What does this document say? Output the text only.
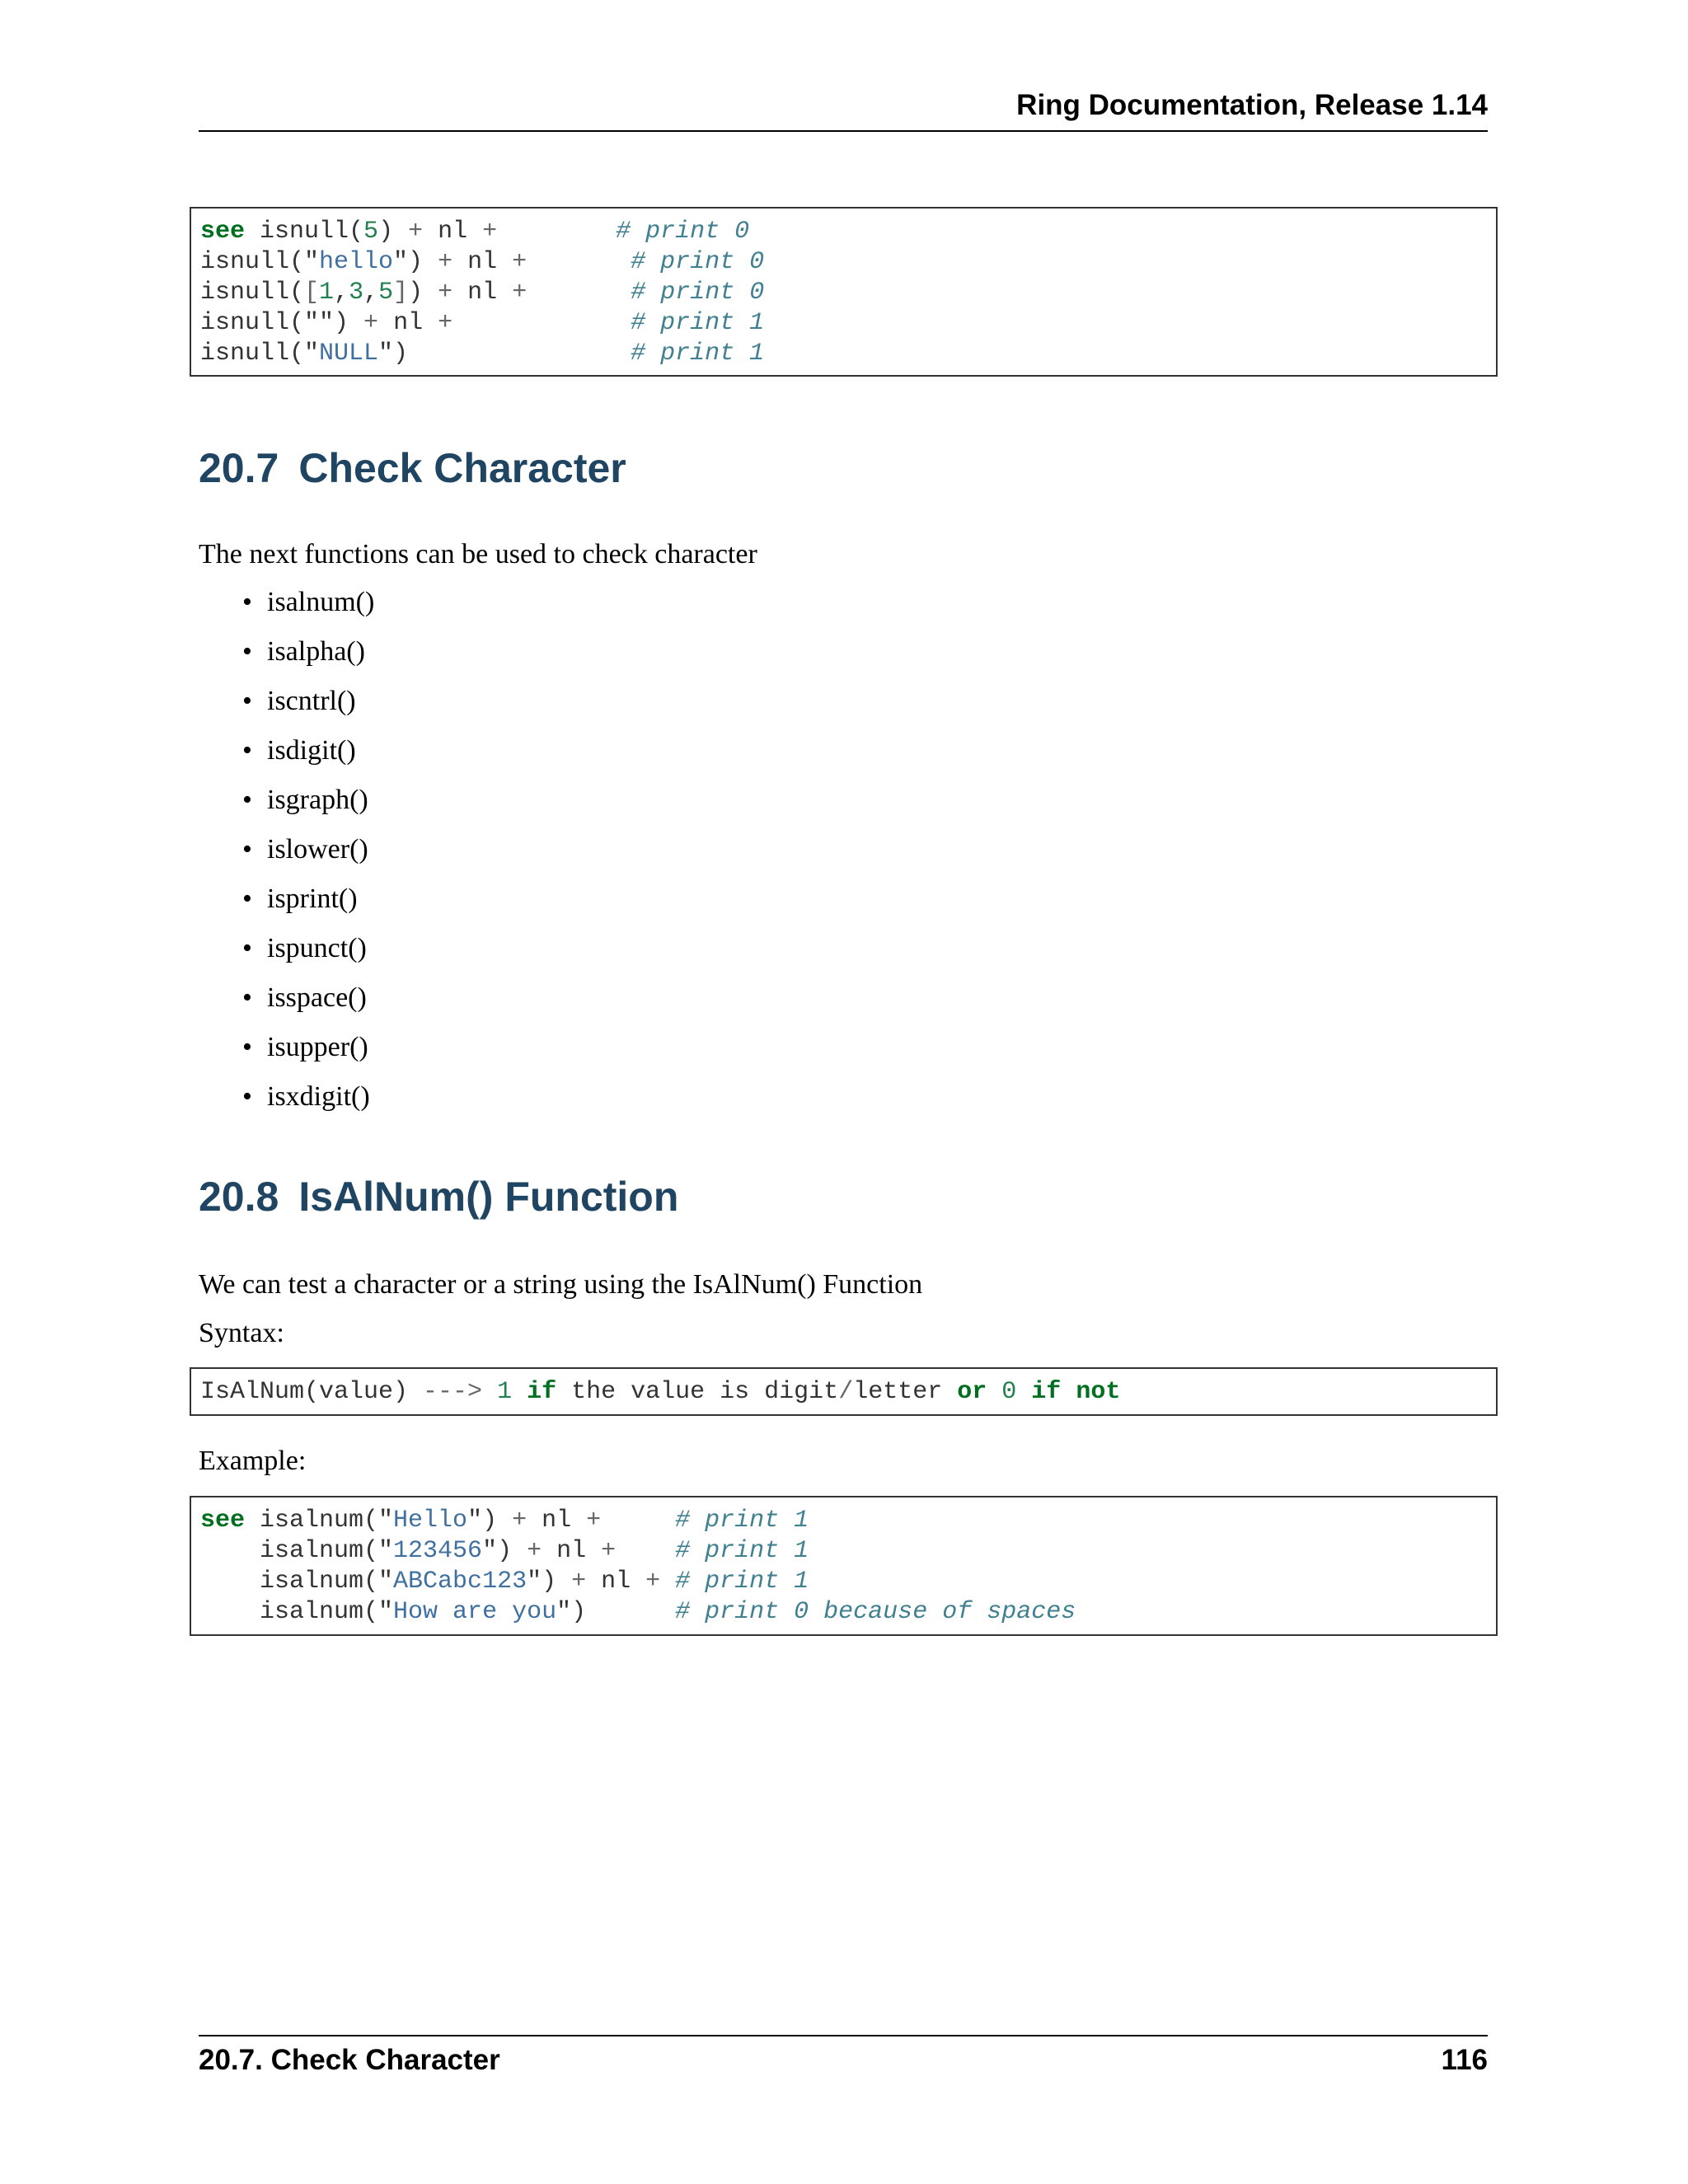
Ring Documentation, Release 1.14
see isnull(5) + nl +	# print 0
isnull("hello") + nl +	# print 0
isnull([1,3,5]) + nl +	# print 0
isnull("") + nl +	# print 1
isnull("NULL")	# print 1
20.7 Check Character

The next functions can be used to check character

• isalnum()
• isalpha()
• iscntrl()
• isdigit()
• isgraph()
• islower()
• isprint()
• ispunct()
• isspace()
• isupper()
• isxdigit()
20.8 IsAlNum() Function

We can test a character or a string using the IsAlNum() Function

Syntax:

IsAlNum(value) ---> 1 if the value is digit/letter or 0 if not

Example:

see isalnum("Hello") + nl +	# print 1
isalnum("123456") + nl + # print 1
isalnum("ABCabc123") + nl + # print 1
isalnum("How are you")	# print 0 because of spaces
20.7. Check Character	116
